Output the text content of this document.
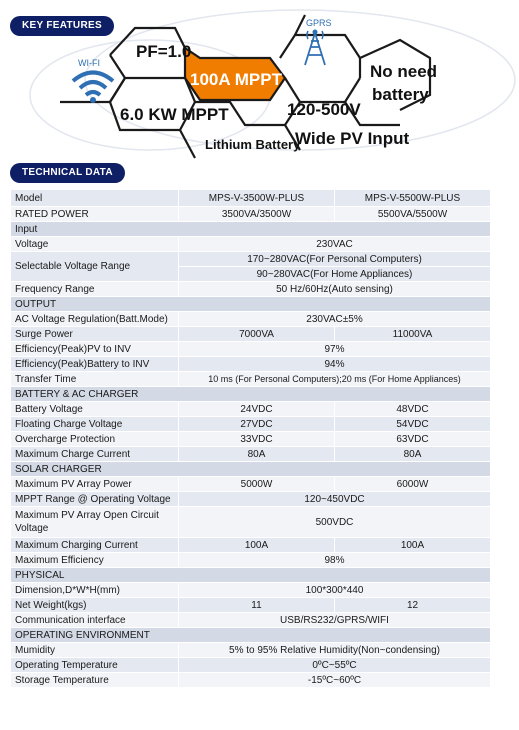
KEY FEATURES
WI-FI
GPRS
PF=1.0
100A MPPT
6.0 KW MPPT
Lithium Battery
120-500V
Wide PV Input
No need
battery
TECHNICAL DATA
Model	MPS-V-3500W-PLUS	MPS-V-5500W-PLUS
RATED POWER	3500VA/3500W	5500VA/5500W
Input		
Voltage	230VAC	
Selectable Voltage Range	170~280VAC(For Personal Computers)	
	90~280VAC(For Home Appliances)	
Frequency Range	50 Hz/60Hz(Auto sensing)	
OUTPUT		
AC Voltage Regulation(Batt.Mode)	230VAC±5%	
Surge Power	7000VA	11000VA
Efficiency(Peak)PV to INV	97%	
Efficiency(Peak)Battery to INV	94%	
Transfer Time	10 ms (For Personal Computers);20 ms (For Home Appliances)	
BATTERY & AC CHARGER		
Battery Voltage	24VDC	48VDC
Floating Charge Voltage	27VDC	54VDC
Overcharge Protection	33VDC	63VDC
Maximum Charge Current	80A	80A
SOLAR CHARGER		
Maximum PV Array Power	5000W	6000W
MPPT Range @ Operating Voltage	120~450VDC	
Maximum PV Array Open Circuit Voltage	500VDC	
Maximum Charging Current	100A	100A
Maximum Efficiency	98%	
PHYSICAL		
Dimension,D*W*H(mm)	100*300*440	
Net Weight(kgs)	11	12
Communication interface	USB/RS232/GPRS/WIFI	
OPERATING ENVIRONMENT		
Mumidity	5% to 95% Relative Humidity(Non~condensing)	
Operating Temperature	0ºC~55ºC	
Storage Temperature	-15ºC~60ºC	
